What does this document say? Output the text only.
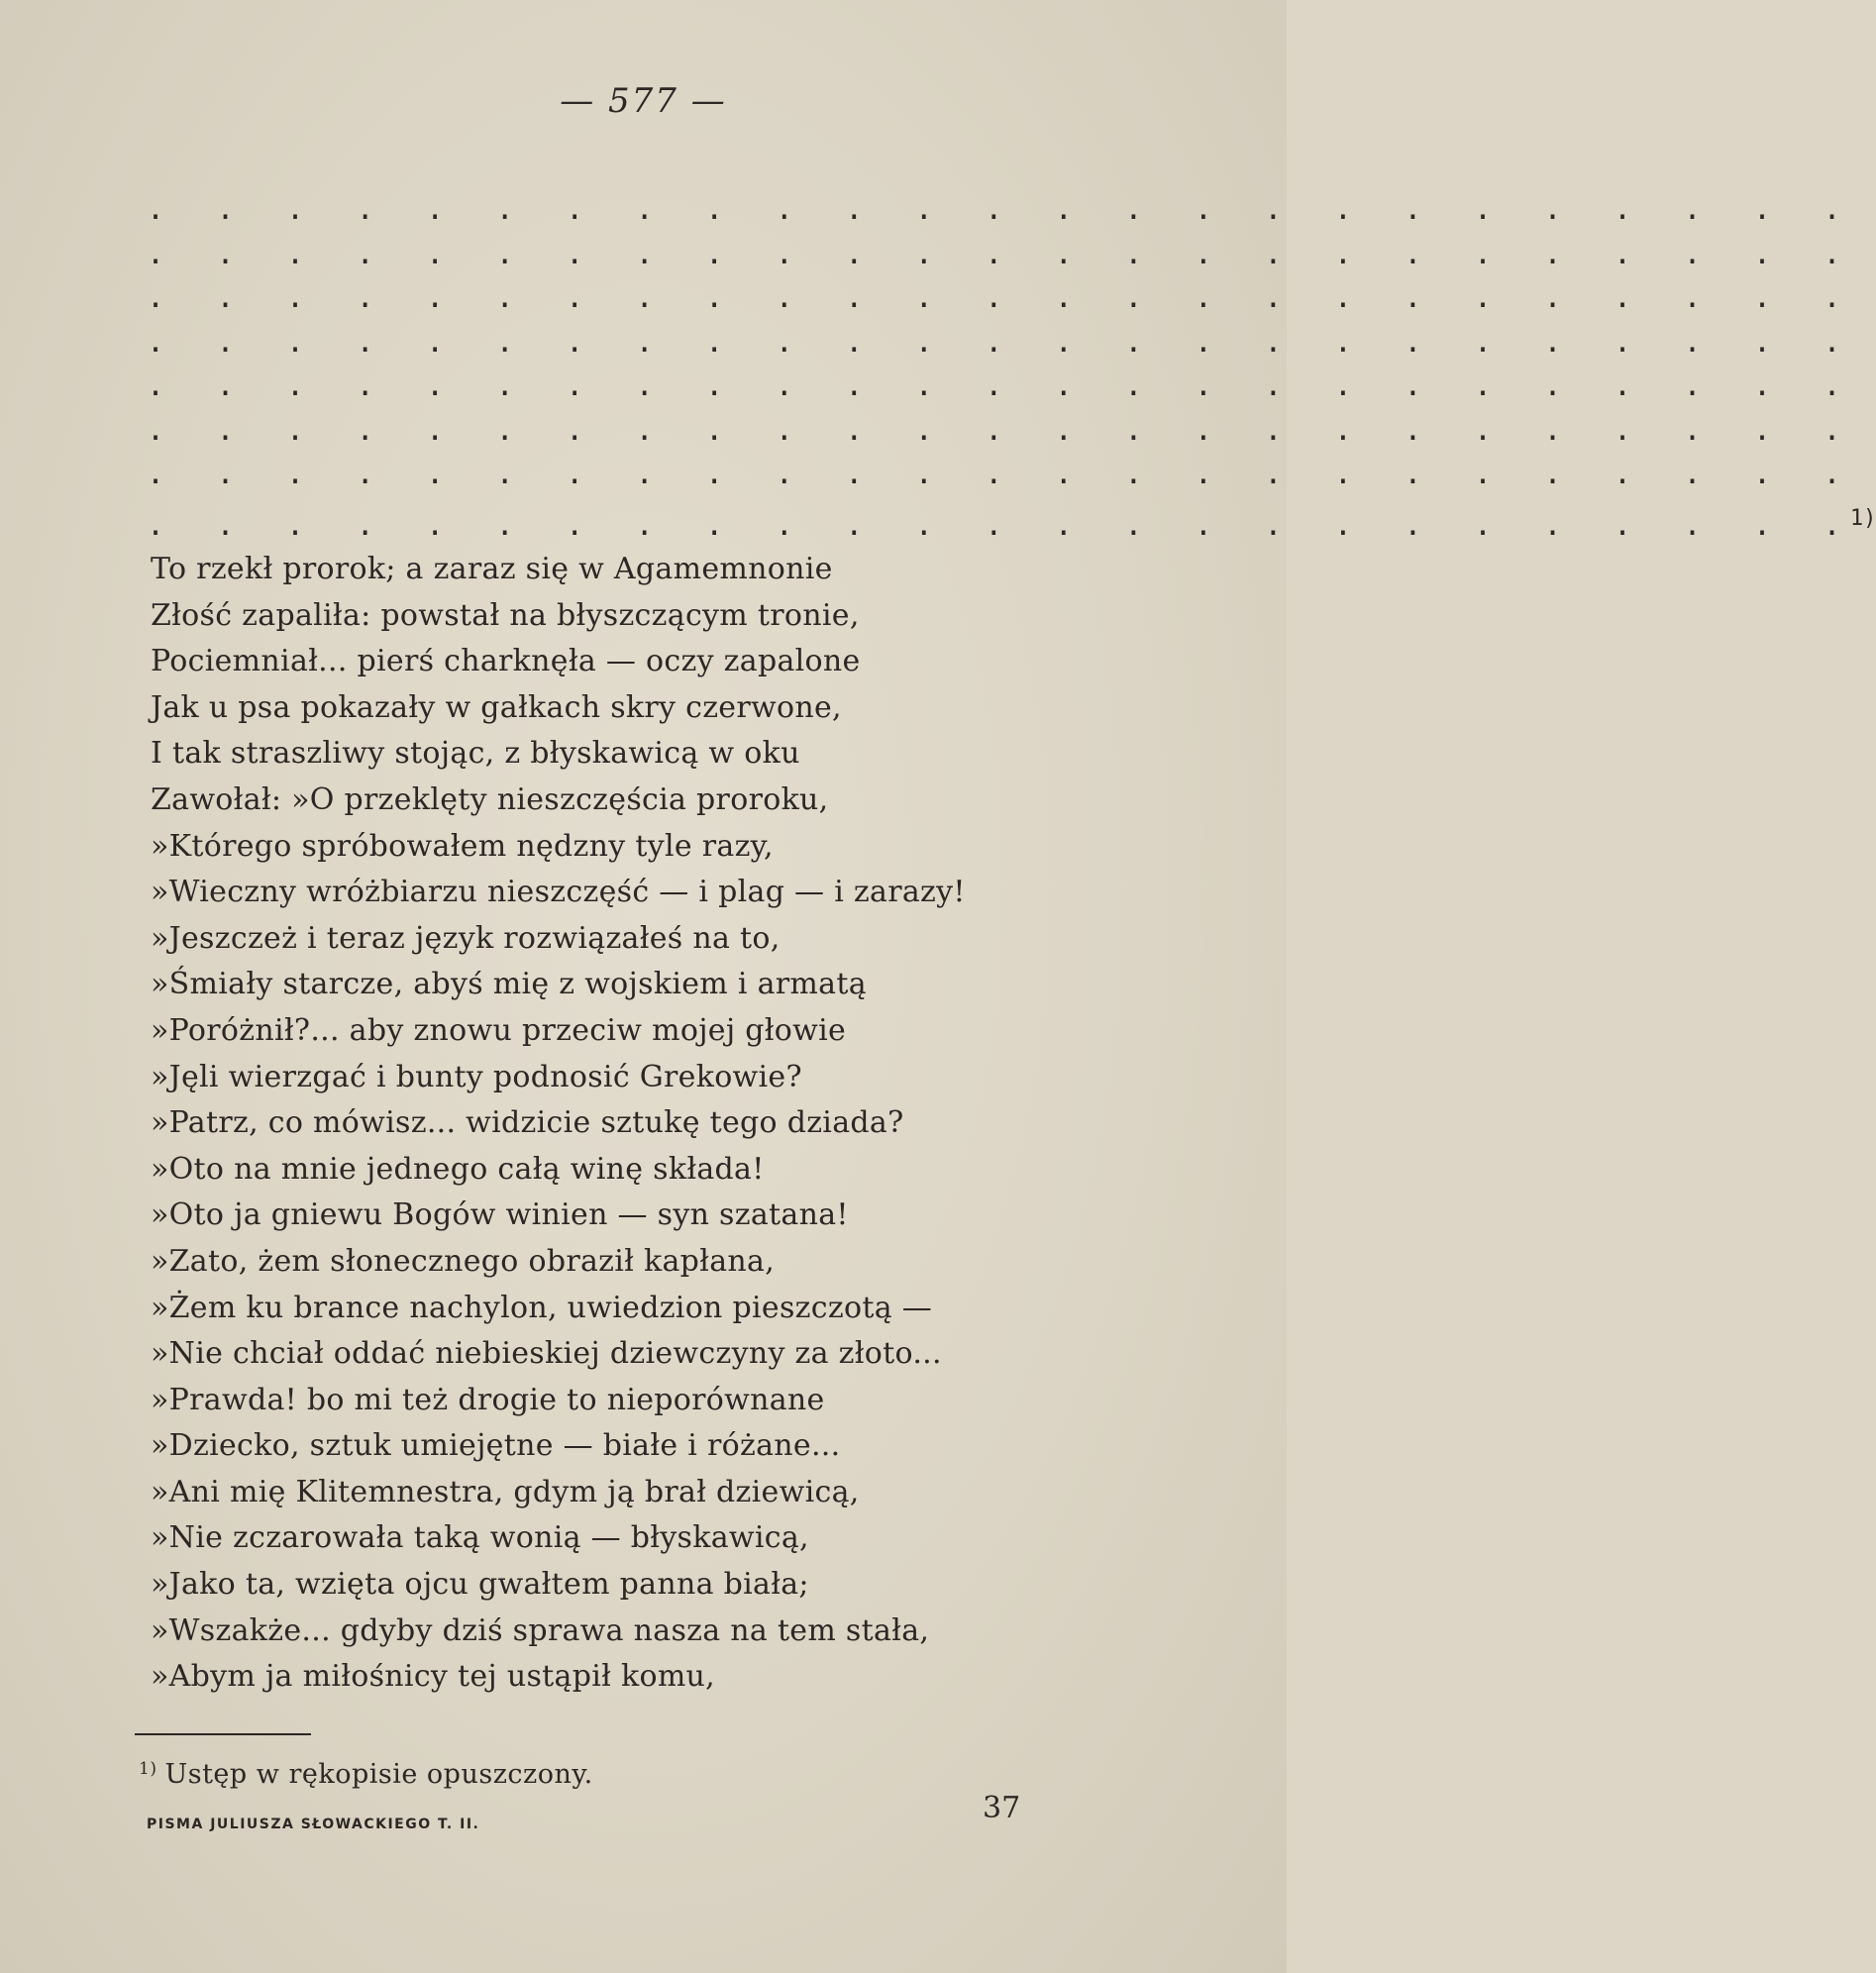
— 577 —
. . . . . . . . . . . . . . . . . . . . . . . . .
. . . . . . . . . . . . . . . . . . . . . . . . .
. . . . . . . . . . . . . . . . . . . . . . . . .
. . . . . . . . . . . . . . . . . . . . . . . . .
. . . . . . . . . . . . . . . . . . . . . . . . .
. . . . . . . . . . . . . . . . . . . . . . . . .
. . . . . . . . . . . . . . . . . . . . . . . . .
. . . . . . . . . . . . . . . . . . . . . . . . .$^{1)}$
To rzekł prorok; a zaraz się w Agamemnonie
Złość zapaliła: powstał na błyszczącym tronie,
Pociemniał... pierś charknęła — oczy zapalone
Jak u psa pokazały w gałkach skry czerwone,
I tak straszliwy stojąc, z błyskawicą w oku
Zawołał: »O przeklęty nieszczęścia proroku,
»Którego spróbowałem nędzny tyle razy,
»Wieczny wróżbiarzu nieszczęść — i plag — i zarazy!
»Jeszczeż i teraz język rozwiązałeś na to,
»Śmiały starcze, abyś mię z wojskiem i armatą
»Poróżnił?... aby znowu przeciw mojej głowie
»Jęli wierzgać i bunty podnosić Grekowie?
»Patrz, co mówisz... widzicie sztukę tego dziada?
»Oto na mnie jednego całą winę składa!
»Oto ja gniewu Bogów winien — syn szatana!
»Zato, żem słonecznego obraził kapłana,
»Żem ku brance nachylon, uwiedzion pieszczotą —
»Nie chciał oddać niebieskiej dziewczyny za złoto...
»Prawda! bo mi też drogie to nieporównane
»Dziecko, sztuk umiejętne — białe i różane...
»Ani mię Klitemnestra, gdym ją brał dziewicą,
»Nie zczarowała taką wonią — błyskawicą,
»Jako ta, wzięta ojcu gwałtem panna biała;
»Wszakże... gdyby dziś sprawa nasza na tem stała,
»Abym ja miłośnicy tej ustąpił komu,
$^{1)}$ Ustęp w rękopisie opuszczony.
PISMA JULIUSZA SŁOWACKIEGO T. II.	37
